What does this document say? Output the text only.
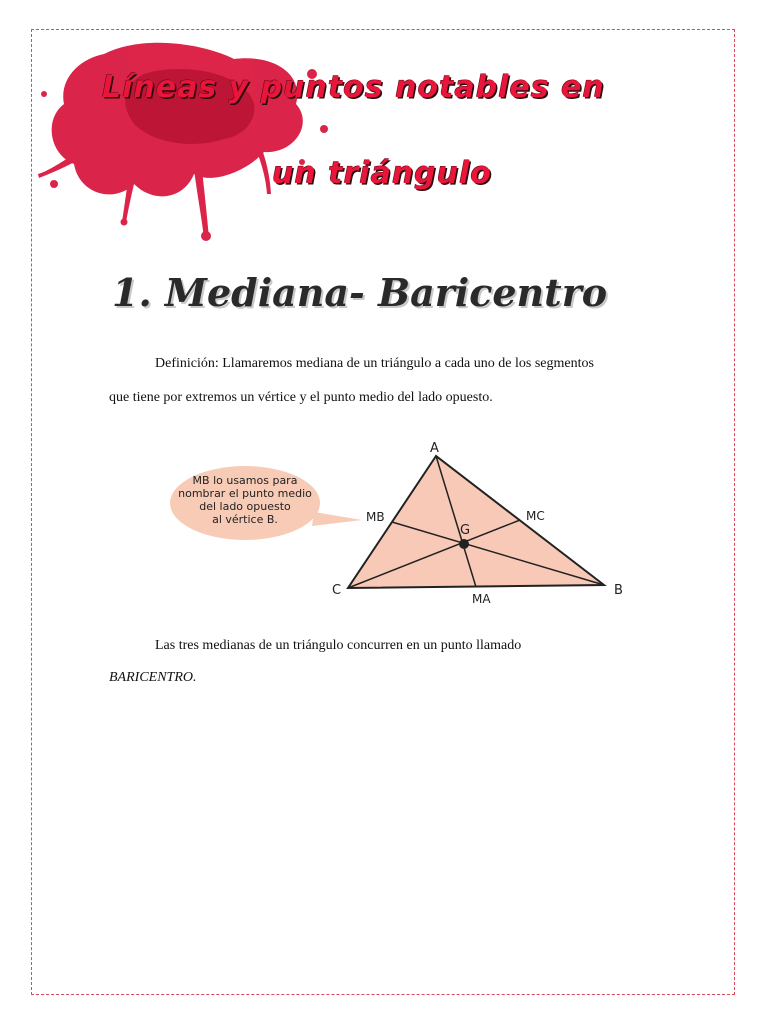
Líneas y puntos notables en
un triángulo
1. Mediana- Baricentro
Definición: Llamaremos mediana de un triángulo a cada uno de los segmentos
que tiene por extremos un vértice y el punto medio del lado opuesto.
MB lo usamos para
nombrar el punto medio
del lado opuesto
al vértice B.
A
B
C
G
MA
MB	MC
Las tres medianas de un triángulo concurren en un punto llamado
BARICENTRO.
